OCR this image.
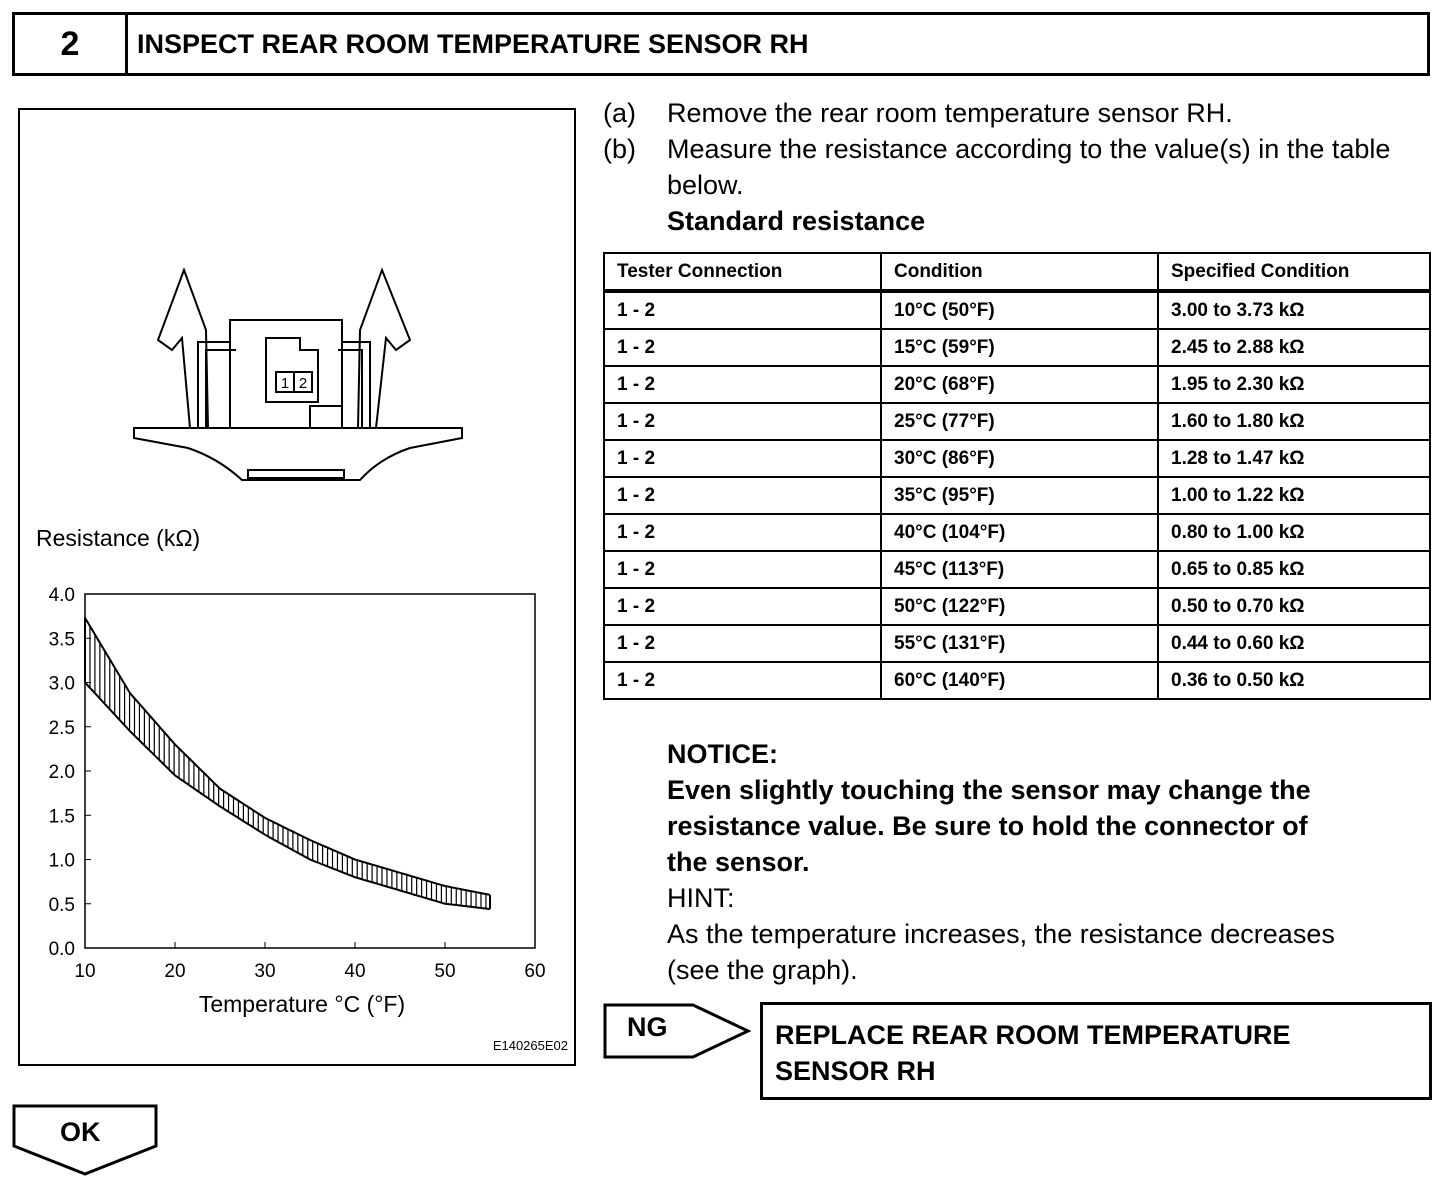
2	INSPECT REAR ROOM TEMPERATURE SENSOR RH
1 2
Resistance (kΩ)
4.0
3.5
3.0
2.5
2.0
1.5
1.0
0.5
0.0
10	20	30	40	50	60
Temperature °C (°F)
E140265E02
(a) Remove the rear room temperature sensor RH.
(b) Measure the resistance according to the value(s) in the table below.
Standard resistance
Tester Connection	Condition	Specified Condition
1 - 2	10°C (50°F)	3.00 to 3.73 kΩ
1 - 2	15°C (59°F)	2.45 to 2.88 kΩ
1 - 2	20°C (68°F)	1.95 to 2.30 kΩ
1 - 2	25°C (77°F)	1.60 to 1.80 kΩ
1 - 2	30°C (86°F)	1.28 to 1.47 kΩ
1 - 2	35°C (95°F)	1.00 to 1.22 kΩ
1 - 2	40°C (104°F)	0.80 to 1.00 kΩ
1 - 2	45°C (113°F)	0.65 to 0.85 kΩ
1 - 2	50°C (122°F)	0.50 to 0.70 kΩ
1 - 2	55°C (131°F)	0.44 to 0.60 kΩ
1 - 2	60°C (140°F)	0.36 to 0.50 kΩ
NOTICE:
Even slightly touching the sensor may change the
resistance value. Be sure to hold the connector of
the sensor.
HINT:
As the temperature increases, the resistance decreases
(see the graph).
NG	REPLACE REAR ROOM TEMPERATURE
SENSOR RH
OK
